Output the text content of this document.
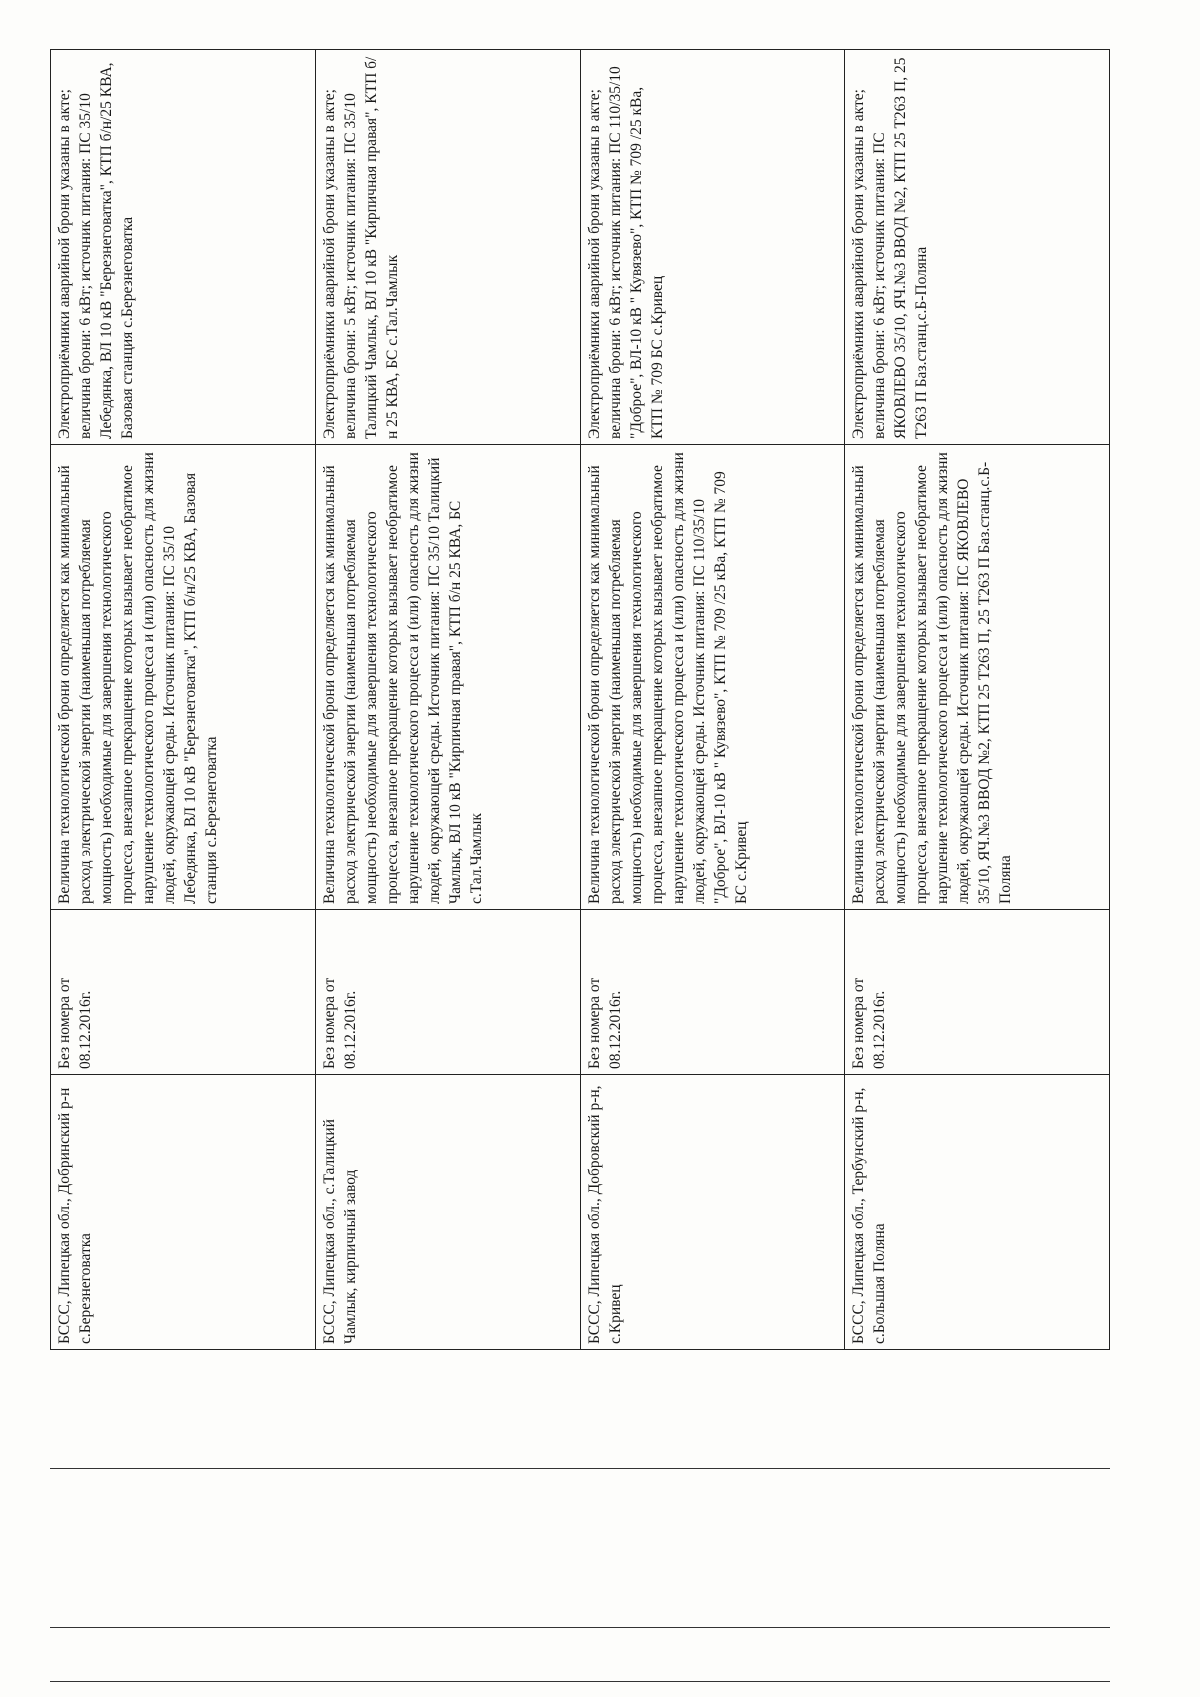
БССС, Липецкая обл., Добринский р-н с.Березнеговатка	Без номера от 08.12.2016г.	Величина технологической брони определяется как минимальный расход электрической энергии (наименьшая потребляемая мощность) необходимые для завершения технологического процесса, внезапное прекращение которых вызывает необратимое нарушение технологического процесса и (или) опасность для жизни людей, окружающей среды. Источник питания: ПС 35/10 Лебедянка, ВЛ 10 кВ "Березнеговатка", КТП б/н/25 КВА, Базовая станция с.Березнеговатка	Электроприёмники аварийной брони указаны в акте; величина брони: 6 кВт; источник питания: ПС 35/10 Лебедянка, ВЛ 10 кВ "Березнеговатка", КТП б/н/25 КВА, Базовая станция с.Березнеговатка
БССС, Липецкая обл., с.Талицкий Чамлык, кирпичный завод	Без номера от 08.12.2016г.	Величина технологической брони определяется как минимальный расход электрической энергии (наименьшая потребляемая мощность) необходимые для завершения технологического процесса, внезапное прекращение которых вызывает необратимое нарушение технологического процесса и (или) опасность для жизни людей, окружающей среды. Источник питания: ПС 35/10 Талицкий Чамлык, ВЛ 10 кВ "Кирпичная правая", КТП б/н 25 КВА, БС с.Тал.Чамлык	Электроприёмники аварийной брони указаны в акте; величина брони: 5 кВт; источник питания: ПС 35/10 Талицкий Чамлык, ВЛ 10 кВ "Кирпичная правая", КТП б/н 25 КВА, БС с.Тал.Чамлык
БССС, Липецкая обл., Добровский р-н, с.Кривец	Без номера от 08.12.2016г.	Величина технологической брони определяется как минимальный расход электрической энергии (наименьшая потребляемая мощность) необходимые для завершения технологического процесса, внезапное прекращение которых вызывает необратимое нарушение технологического процесса и (или) опасность для жизни людей, окружающей среды. Источник питания: ПС 110/35/10 "Доброе", ВЛ-10 кВ " Кувязево", КТП № 709 /25 кВа, КТП № 709 БС с.Кривец	Электроприёмники аварийной брони указаны в акте; величина брони: 6 кВт; источник питания: ПС 110/35/10 "Доброе", ВЛ-10 кВ " Кувязево", КТП № 709 /25 кВа, КТП № 709 БС с.Кривец
БССС, Липецкая обл., Тербунский р-н, с.Большая Поляна	Без номера от 08.12.2016г.	Величина технологической брони определяется как минимальный расход электрической энергии (наименьшая потребляемая мощность) необходимые для завершения технологического процесса, внезапное прекращение которых вызывает необратимое нарушение технологического процесса и (или) опасность для жизни людей, окружающей среды. Источник питания: ПС ЯКОВЛЕВО 35/10, ЯЧ.№3 ВВОД №2, КТП 25 Т263 П, 25 Т263 П Баз.станц.с.Б-Поляна	Электроприёмники аварийной брони указаны в акте; величина брони: 6 кВт; источник питания: ПС ЯКОВЛЕВО 35/10, ЯЧ.№3 ВВОД №2, КТП 25 Т263 П, 25 Т263 П Баз.станц.с.Б-Поляна
